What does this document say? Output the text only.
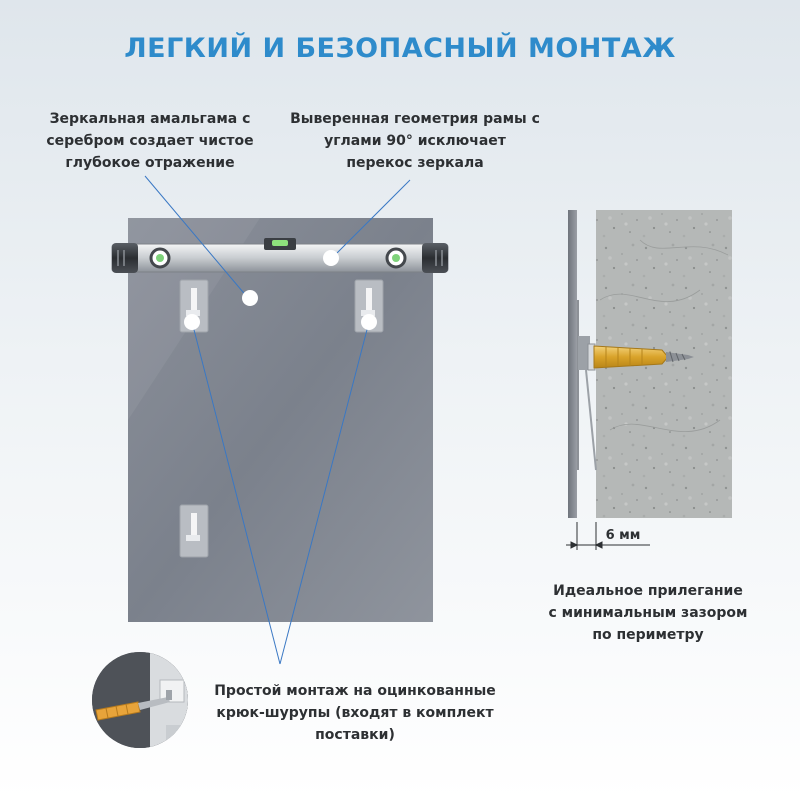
ЛЕГКИЙ И БЕЗОПАСНЫЙ МОНТАЖ
Зеркальная амальгама с серебром создает чистое глубокое отражение
Выверенная геометрия рамы с углами 90° исключает перекос зеркала
Простой монтаж на оцинкованные крюк-шурупы (входят в комплект поставки)
Идеальное прилегание с минимальным зазором по периметру
6 мм
